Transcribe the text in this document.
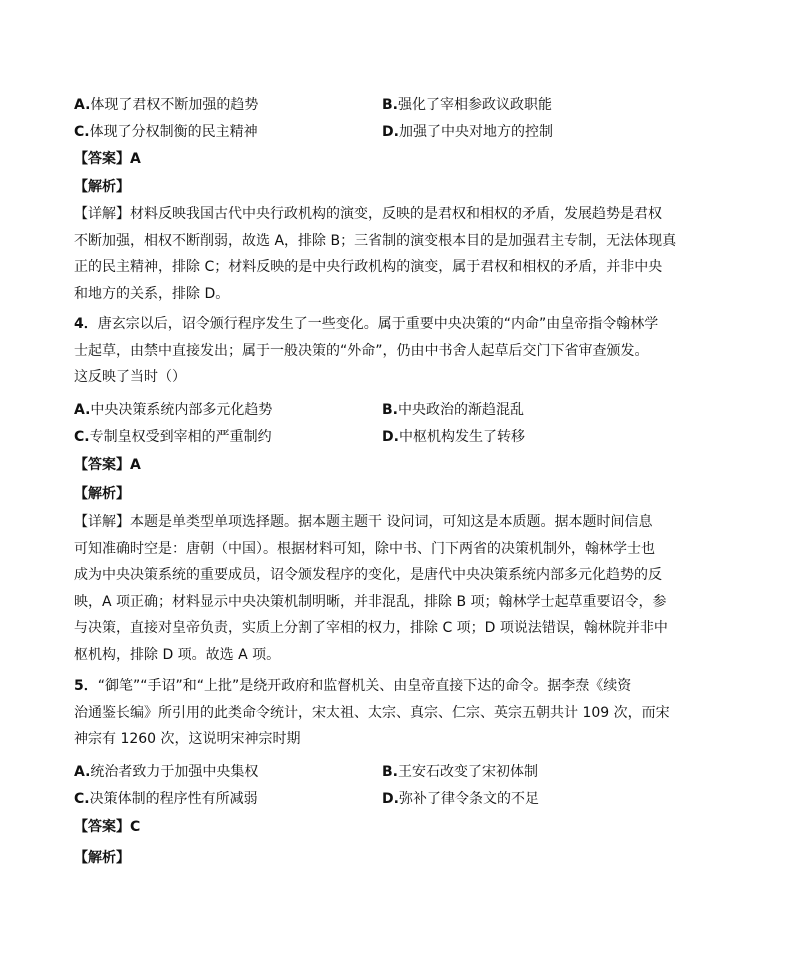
A.体现了君权不断加强的趋势	B.强化了宰相参政议政职能
C.体现了分权制衡的民主精神	D.加强了中央对地方的控制
【答案】A
【解析】
【详解】材料反映我国古代中央行政机构的演变，反映的是君权和相权的矛盾，发展趋势是君权
不断加强，相权不断削弱，故选 A，排除 B；三省制的演变根本目的是加强君主专制，无法体现真
正的民主精神，排除 C；材料反映的是中央行政机构的演变，属于君权和相权的矛盾，并非中央
和地方的关系，排除 D。
4．唐玄宗以后，诏令颁行程序发生了一些变化。属于重要中央决策的“内命”由皇帝指令翰林学
士起草，由禁中直接发出；属于一般决策的“外命”，仍由中书舍人起草后交门下省审查颁发。
这反映了当时（）
A.中央决策系统内部多元化趋势	B.中央政治的渐趋混乱
C.专制皇权受到宰相的严重制约	D.中枢机构发生了转移
【答案】A
【解析】
【详解】本题是单类型单项选择题。据本题主题干 设问词，可知这是本质题。据本题时间信息
可知准确时空是：唐朝（中国）。根据材料可知，除中书、门下两省的决策机制外，翰林学士也
成为中央决策系统的重要成员，诏令颁发程序的变化，是唐代中央决策系统内部多元化趋势的反
映，A 项正确；材料显示中央决策机制明晰，并非混乱，排除 B 项；翰林学士起草重要诏令，参
与决策，直接对皇帝负责，实质上分割了宰相的权力，排除 C 项；D 项说法错误，翰林院并非中
枢机构，排除 D 项。故选 A 项。
5．“御笔”“手诏”和“上批”是绕开政府和监督机关、由皇帝直接下达的命令。据李焘《续资
治通鉴长编》所引用的此类命令统计，宋太祖、太宗、真宗、仁宗、英宗五朝共计 109 次，而宋
神宗有 1260 次，这说明宋神宗时期
A.统治者致力于加强中央集权	B.王安石改变了宋初体制
C.决策体制的程序性有所减弱	D.弥补了律令条文的不足
【答案】C
【解析】
